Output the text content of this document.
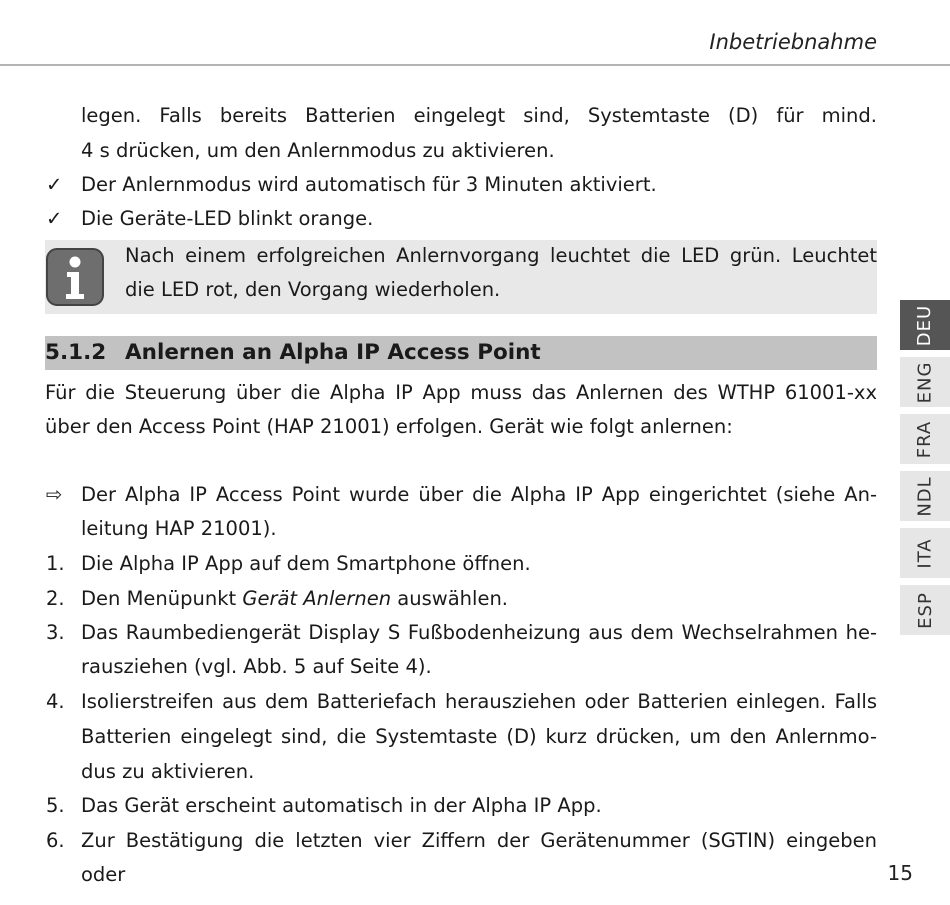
Inbetriebnahme
legen. Falls bereits Batterien eingelegt sind, Systemtaste (D) für mind.
4 s drücken, um den Anlernmodus zu aktivieren.
✓ Der Anlernmodus wird automatisch für 3 Minuten aktiviert.
✓ Die Geräte-LED blinkt orange.
Nach einem erfolgreichen Anlernvorgang leuchtet die LED grün. Leuchtet
die LED rot, den Vorgang wiederholen.
5.1.2 Anlernen an Alpha IP Access Point
Für die Steuerung über die Alpha IP App muss das Anlernen des WTHP 61001-xx
über den Access Point (HAP 21001) erfolgen. Gerät wie folgt anlernen:
⇨ Der Alpha IP Access Point wurde über die Alpha IP App eingerichtet (siehe An-
leitung HAP 21001).
1. Die Alpha IP App auf dem Smartphone öffnen.
2. Den Menüpunkt Gerät Anlernen auswählen.
3. Das Raumbediengerät Display S Fußbodenheizung aus dem Wechselrahmen he-
rausziehen (vgl. Abb. 5 auf Seite 4).
4. Isolierstreifen aus dem Batteriefach herausziehen oder Batterien einlegen. Falls
Batterien eingelegt sind, die Systemtaste (D) kurz drücken, um den Anlernmo-
dus zu aktivieren.
5. Das Gerät erscheint automatisch in der Alpha IP App.
6. Zur Bestätigung die letzten vier Ziffern der Gerätenummer (SGTIN) eingeben oder
DEU
ENG
FRA
NDL
ITA
ESP
15
